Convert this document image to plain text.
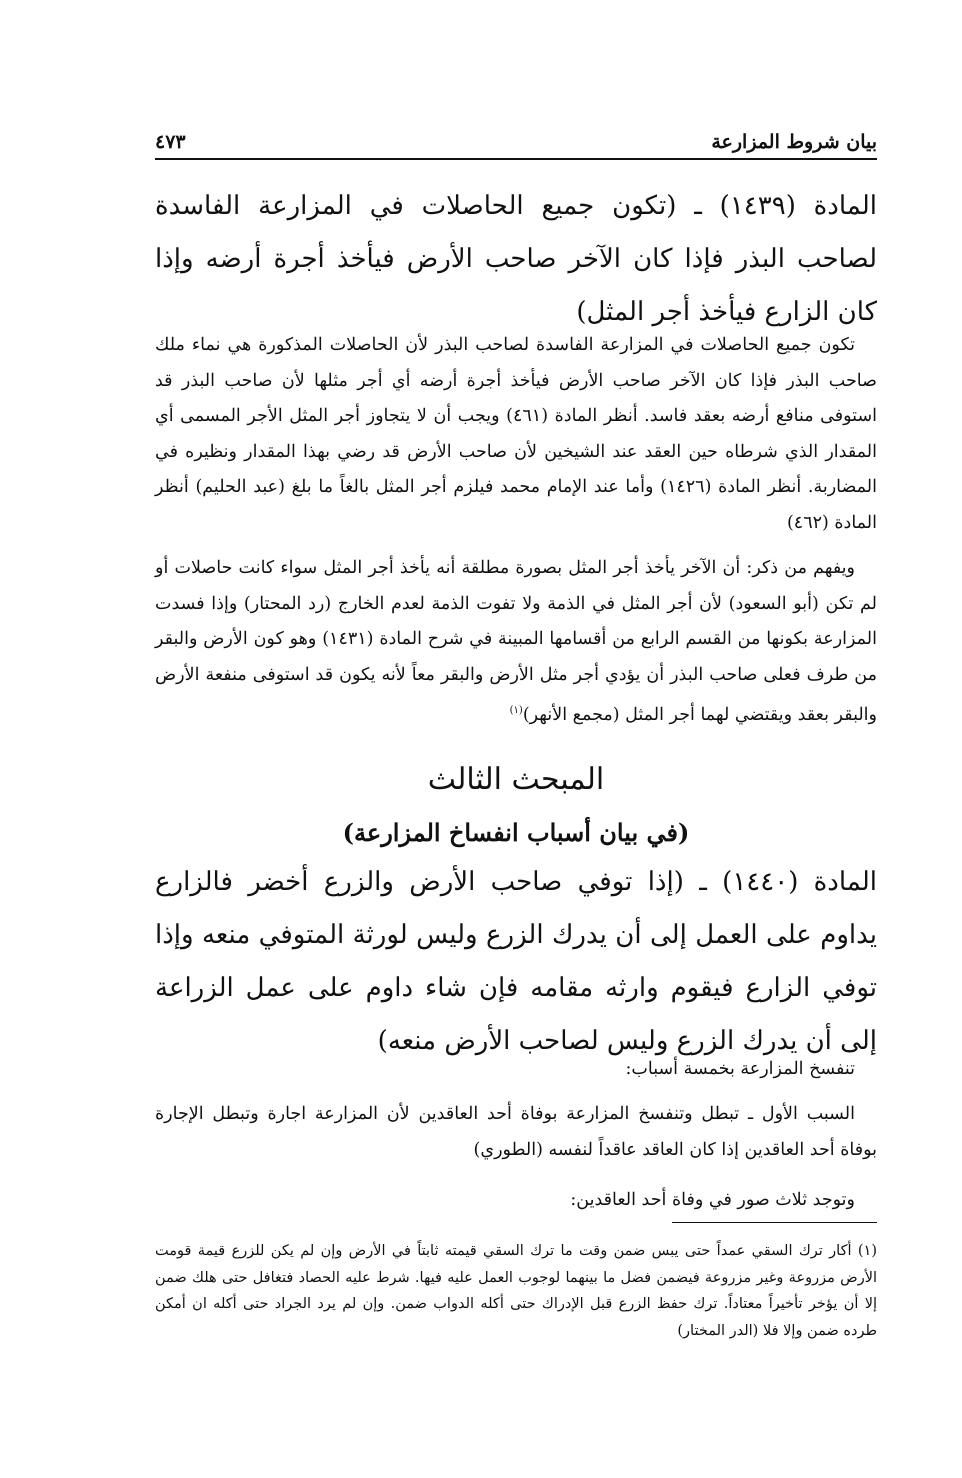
بيان شروط المزارعة
٤٧٣
المادة (١٤٣٩) ـ (تكون جميع الحاصلات في المزارعة الفاسدة لصاحب البذر فإذا كان الآخر صاحب الأرض فيأخذ أجرة أرضه وإذا كان الزارع فيأخذ أجر المثل)
تكون جميع الحاصلات في المزارعة الفاسدة لصاحب البذر لأن الحاصلات المذكورة هي نماء ملك صاحب البذر فإذا كان الآخر صاحب الأرض فيأخذ أجرة أرضه أي أجر مثلها لأن صاحب البذر قد استوفى منافع أرضه بعقد فاسد. أنظر المادة (٤٦١) ويجب أن لا يتجاوز أجر المثل الأجر المسمى أي المقدار الذي شرطاه حين العقد عند الشيخين لأن صاحب الأرض قد رضي بهذا المقدار ونظيره في المضاربة. أنظر المادة (١٤٢٦) وأما عند الإمام محمد فيلزم أجر المثل بالغاً ما بلغ (عبد الحليم) أنظر المادة (٤٦٢)
ويفهم من ذكر: أن الآخر يأخذ أجر المثل بصورة مطلقة أنه يأخذ أجر المثل سواء كانت حاصلات أو لم تكن (أبو السعود) لأن أجر المثل في الذمة ولا تفوت الذمة لعدم الخارج (رد المحتار) وإذا فسدت المزارعة بكونها من القسم الرابع من أقسامها المبينة في شرح المادة (١٤٣١) وهو كون الأرض والبقر من طرف فعلى صاحب البذر أن يؤدي أجر مثل الأرض والبقر معاً لأنه يكون قد استوفى منفعة الأرض والبقر بعقد ويقتضي لهما أجر المثل (مجمع الأنهر)$^{(١)}$
المبحث الثالث
(في بيان أسباب انفساخ المزارعة)
المادة (١٤٤٠) ـ (إذا توفي صاحب الأرض والزرع أخضر فالزارع يداوم على العمل إلى أن يدرك الزرع وليس لورثة المتوفي منعه وإذا توفي الزارع فيقوم وارثه مقامه فإن شاء داوم على عمل الزراعة إلى أن يدرك الزرع وليس لصاحب الأرض منعه)
تنفسخ المزارعة بخمسة أسباب:
السبب الأول ـ تبطل وتنفسخ المزارعة بوفاة أحد العاقدين لأن المزارعة اجارة وتبطل الإجارة بوفاة أحد العاقدين إذا كان العاقد عاقداً لنفسه (الطوري)
وتوجد ثلاث صور في وفاة أحد العاقدين:
(١) أكار ترك السقي عمداً حتى يبس ضمن وقت ما ترك السقي قيمته ثابتاً في الأرض وإن لم يكن للزرع قيمة قومت الأرض مزروعة وغير مزروعة فيضمن فضل ما بينهما لوجوب العمل عليه فيها. شرط عليه الحصاد فتغافل حتى هلك ضمن إلا أن يؤخر تأخيراً معتاداً. ترك حفظ الزرع قبل الإدراك حتى أكله الدواب ضمن. وإن لم يرد الجراد حتى أكله ان أمكن طرده ضمن وإلا فلا (الدر المختار)
